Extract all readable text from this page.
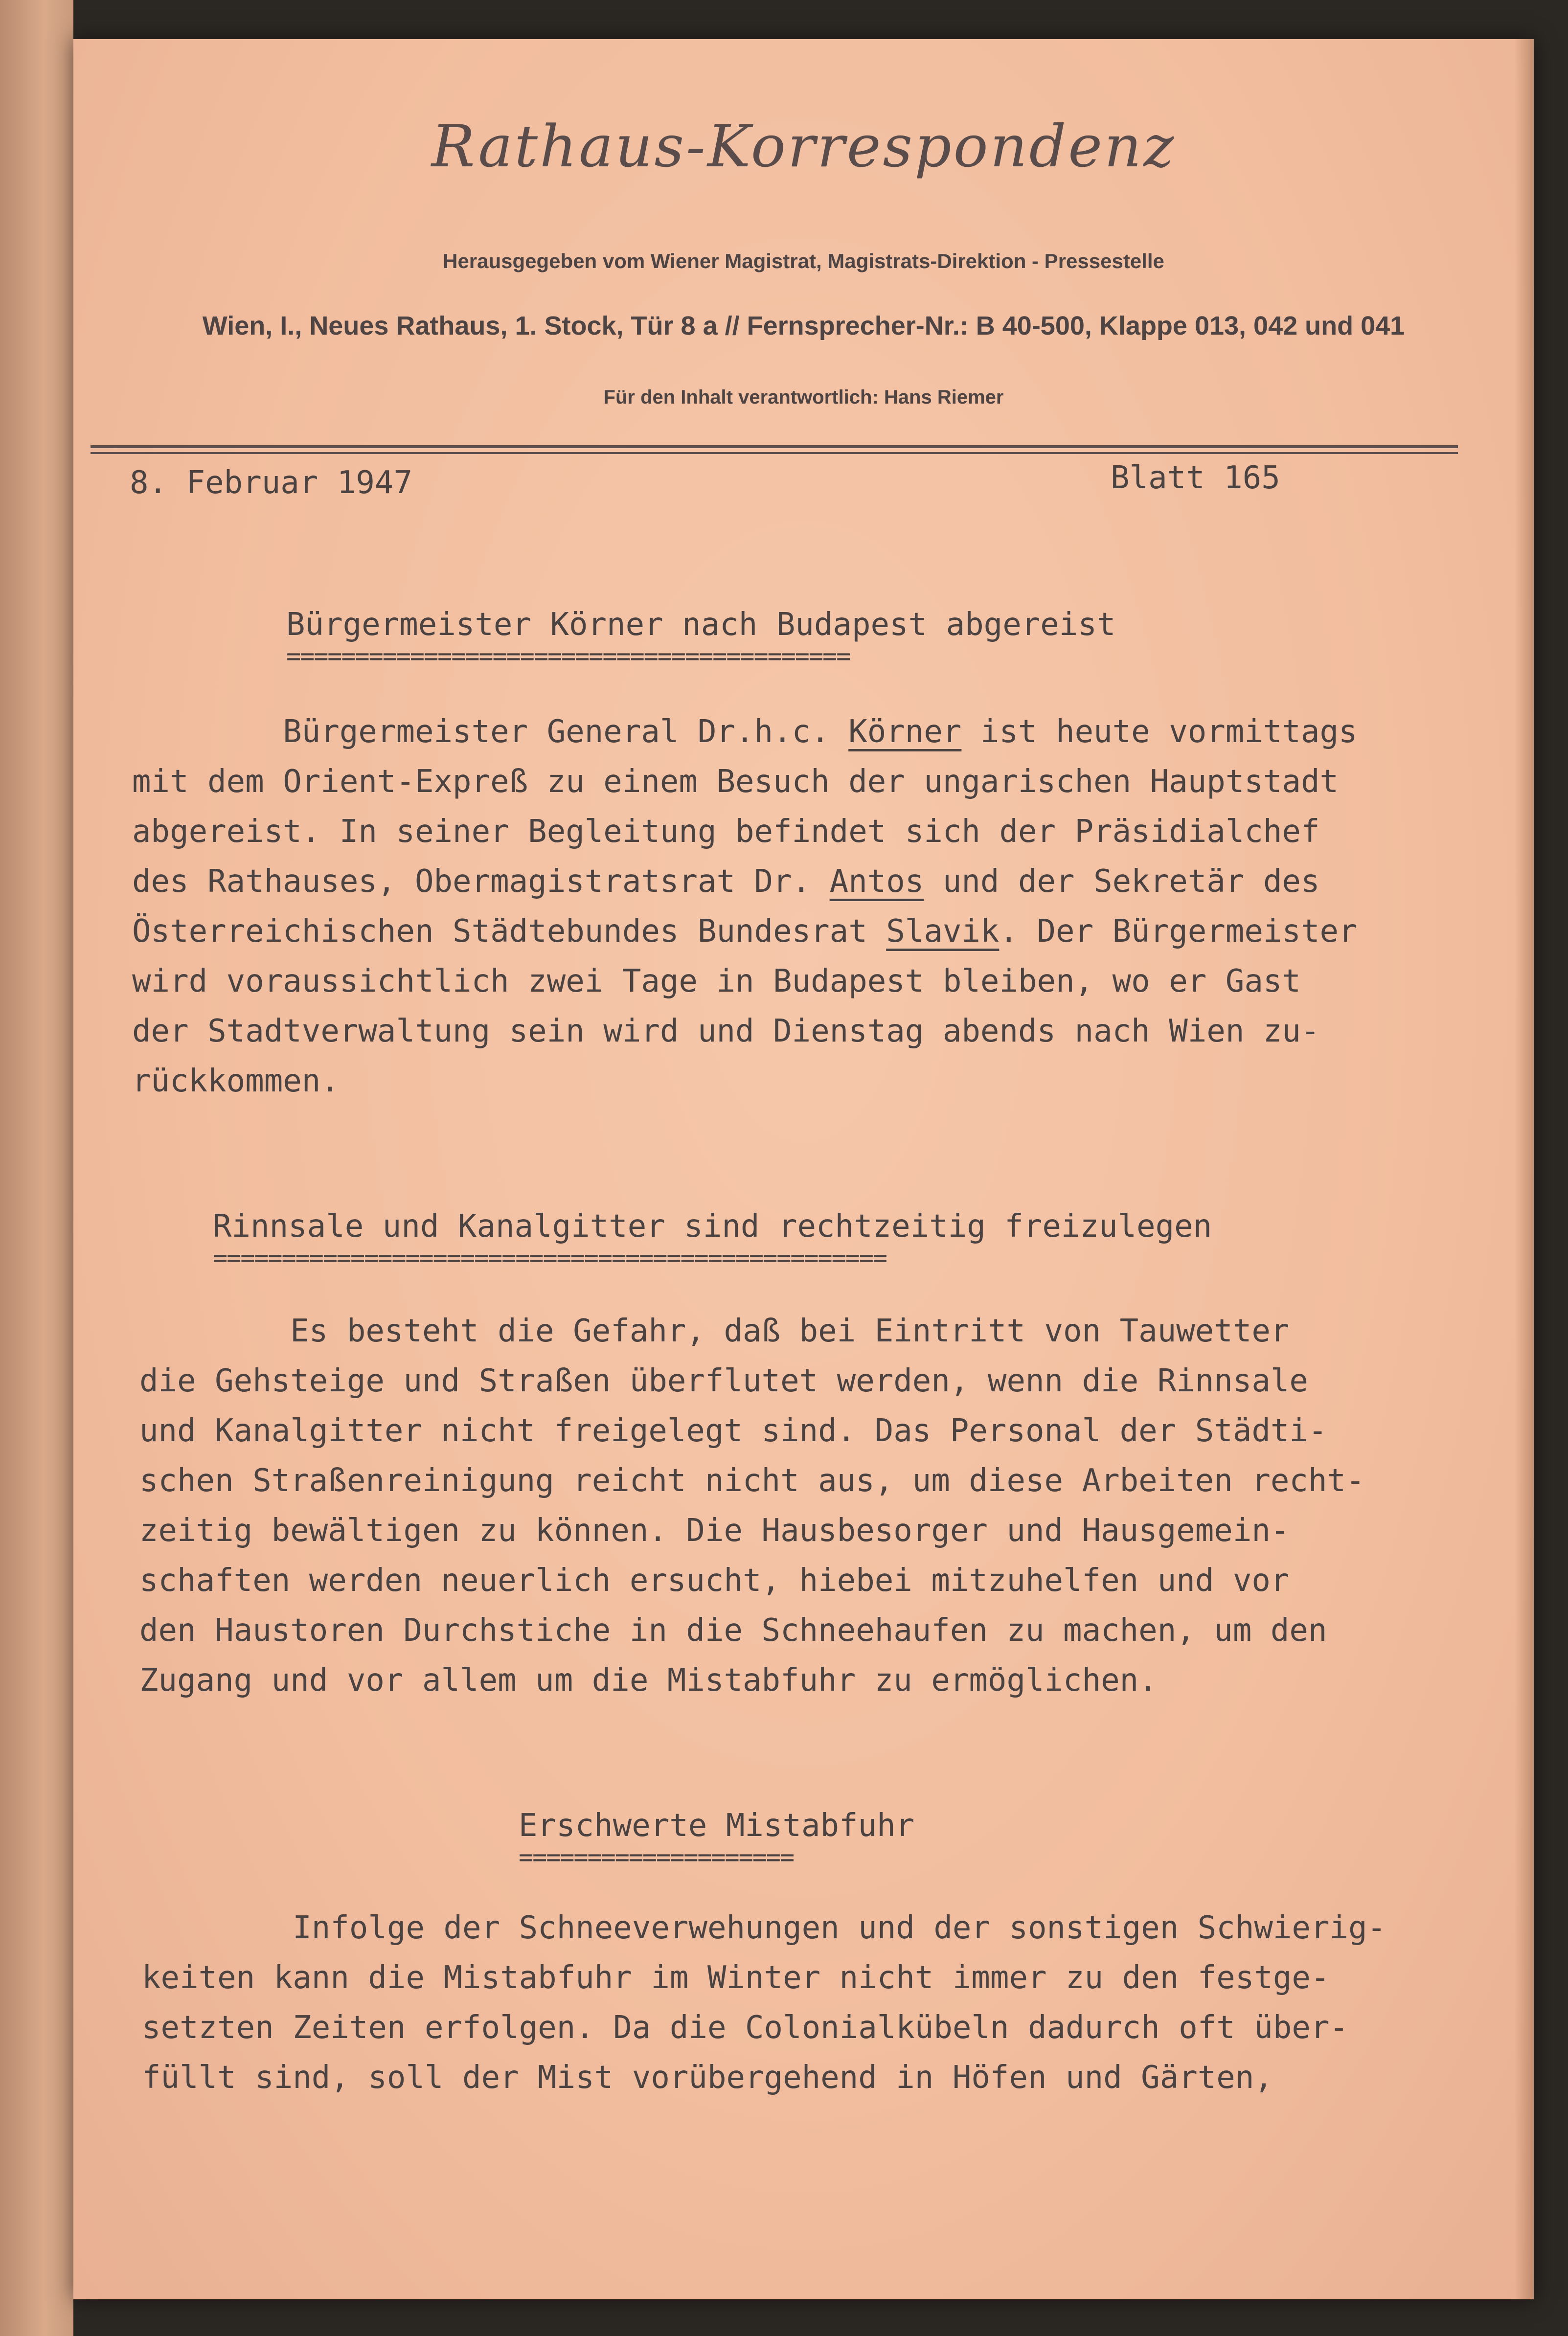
Rathaus-Korrespondenz
Herausgegeben vom Wiener Magistrat, Magistrats-Direktion - Pressestelle
Wien, I., Neues Rathaus, 1. Stock, Tür 8 a // Fernsprecher-Nr.: B 40-500, Klappe 013, 042 und 041
Für den Inhalt verantwortlich: Hans Riemer
8. Februar 1947	Blatt 165
Bürgermeister Körner nach Budapest abgereist
=========================================
Bürgermeister General Dr.h.c. Körner ist heute vormittags
mit dem Orient-Expreß zu einem Besuch der ungarischen Hauptstadt
abgereist. In seiner Begleitung befindet sich der Präsidialchef
des Rathauses, Obermagistratsrat Dr. Antos und der Sekretär des
Österreichischen Städtebundes Bundesrat Slavik. Der Bürgermeister
wird voraussichtlich zwei Tage in Budapest bleiben, wo er Gast
der Stadtverwaltung sein wird und Dienstag abends nach Wien zu-
rückkommen.
Rinnsale und Kanalgitter sind rechtzeitig freizulegen
=================================================
Es besteht die Gefahr, daß bei Eintritt von Tauwetter
die Gehsteige und Straßen überflutet werden, wenn die Rinnsale
und Kanalgitter nicht freigelegt sind. Das Personal der Städti-
schen Straßenreinigung reicht nicht aus, um diese Arbeiten recht-
zeitig bewältigen zu können. Die Hausbesorger und Hausgemein-
schaften werden neuerlich ersucht, hiebei mitzuhelfen und vor
den Haustoren Durchstiche in die Schneehaufen zu machen, um den
Zugang und vor allem um die Mistabfuhr zu ermöglichen.
Erschwerte Mistabfuhr
====================
Infolge der Schneeverwehungen und der sonstigen Schwierig-
keiten kann die Mistabfuhr im Winter nicht immer zu den festge-
setzten Zeiten erfolgen. Da die Colonialkübeln dadurch oft über-
füllt sind, soll der Mist vorübergehend in Höfen und Gärten,
